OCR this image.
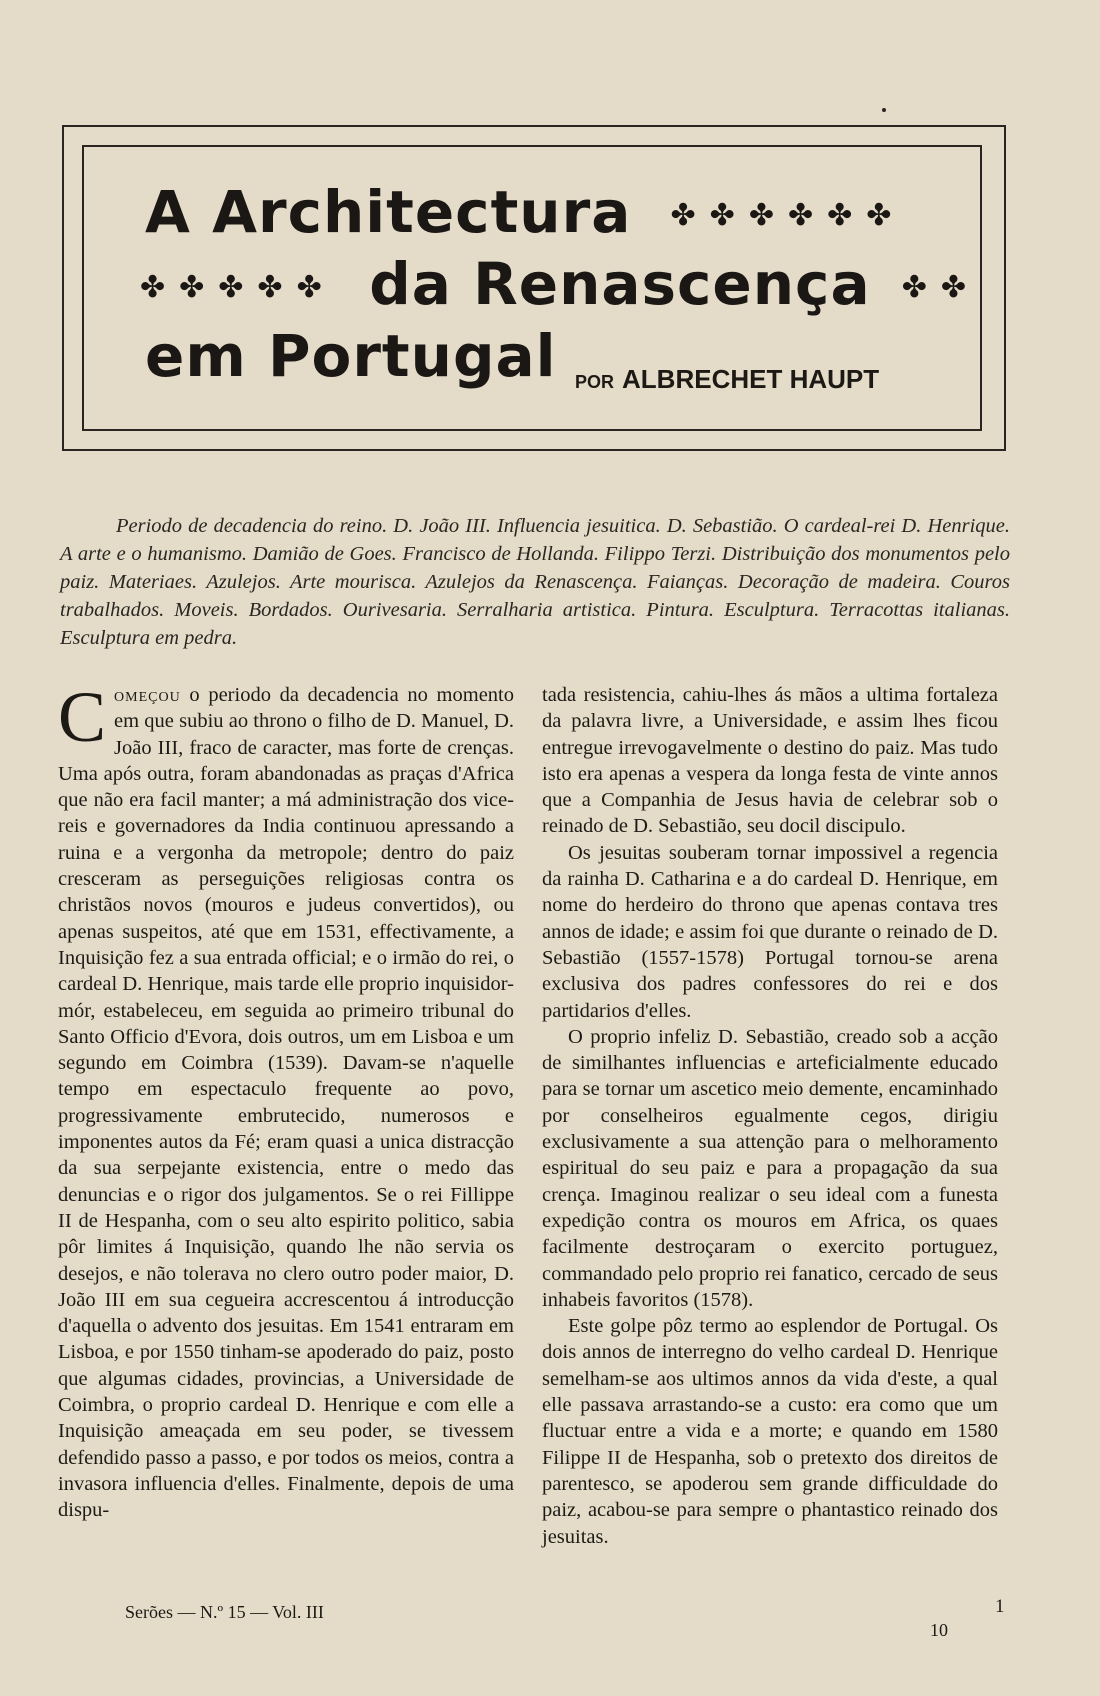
A Architectura ✤✤✤✤✤✤
✤✤✤✤✤ da Renascença ✤✤
em Portugal POR ALBRECHET HAUPT
Periodo de decadencia do reino. D. João III. Influencia jesuitica. D. Sebastião. O cardeal-rei D. Henrique. A arte e o humanismo. Damião de Goes. Francisco de Hollanda. Filippo Terzi. Distribuição dos monumentos pelo paiz. Materiaes. Azulejos. Arte mourisca. Azulejos da Renascença. Faianças. Decoração de madeira. Couros trabalhados. Moveis. Bordados. Ourivesaria. Serralharia artistica. Pintura. Esculptura. Terracottas italianas. Esculptura em pedra.

Começou o periodo da decadencia no momento em que subiu ao throno o filho de D. Manuel, D. João III, fraco de caracter, mas forte de crenças. Uma após outra, foram abandonadas as praças d'Africa que não era facil manter; a má administração dos vice-reis e governadores da India continuou apressando a ruina e a vergonha da metropole; dentro do paiz cresceram as perseguições religiosas contra os christãos novos (mouros e judeus convertidos), ou apenas suspeitos, até que em 1531, effectivamente, a Inquisição fez a sua entrada official; e o irmão do rei, o cardeal D. Henrique, mais tarde elle proprio inquisidor-mór, estabeleceu, em seguida ao primeiro tribunal do Santo Officio d'Evora, dois outros, um em Lisboa e um segundo em Coimbra (1539). Davam-se n'aquelle tempo em espectaculo frequente ao povo, progressivamente embrutecido, numerosos e imponentes autos da Fé; eram quasi a unica distracção da sua serpejante existencia, entre o medo das denuncias e o rigor dos julgamentos. Se o rei Fillippe II de Hespanha, com o seu alto espirito politico, sabia pôr limites á Inquisição, quando lhe não servia os desejos, e não tolerava no clero outro poder maior, D. João III em sua cegueira accrescentou á introducção d'aquella o advento dos jesuitas. Em 1541 entraram em Lisboa, e por 1550 tinham-se apoderado do paiz, posto que algumas cidades, provincias, a Universidade de Coimbra, o proprio cardeal D. Henrique e com elle a Inquisição ameaçada em seu poder, se tivessem defendido passo a passo, e por todos os meios, contra a invasora influencia d'elles. Finalmente, depois de uma dispu-

tada resistencia, cahiu-lhes ás mãos a ultima fortaleza da palavra livre, a Universidade, e assim lhes ficou entregue irrevogavelmente o destino do paiz. Mas tudo isto era apenas a vespera da longa festa de vinte annos que a Companhia de Jesus havia de celebrar sob o reinado de D. Sebastião, seu docil discipulo.

Os jesuitas souberam tornar impossivel a regencia da rainha D. Catharina e a do cardeal D. Henrique, em nome do herdeiro do throno que apenas contava tres annos de idade; e assim foi que durante o reinado de D. Sebastião (1557-1578) Portugal tornou-se arena exclusiva dos padres confessores do rei e dos partidarios d'elles.

O proprio infeliz D. Sebastião, creado sob a acção de similhantes influencias e arteficialmente educado para se tornar um ascetico meio demente, encaminhado por conselheiros egualmente cegos, dirigiu exclusivamente a sua attenção para o melhoramento espiritual do seu paiz e para a propagação da sua crença. Imaginou realizar o seu ideal com a funesta expedição contra os mouros em Africa, os quaes facilmente destroçaram o exercito portuguez, commandado pelo proprio rei fanatico, cercado de seus inhabeis favoritos (1578).

Este golpe pôz termo ao esplendor de Portugal. Os dois annos de interregno do velho cardeal D. Henrique semelham-se aos ultimos annos da vida d'este, a qual elle passava arrastando-se a custo: era como que um fluctuar entre a vida e a morte; e quando em 1580 Filippe II de Hespanha, sob o pretexto dos direitos de parentesco, se apoderou sem grande difficuldade do paiz, acabou-se para sempre o phantastico reinado dos jesuitas.

Serões — N.º 15 — Vol. III	1
10
